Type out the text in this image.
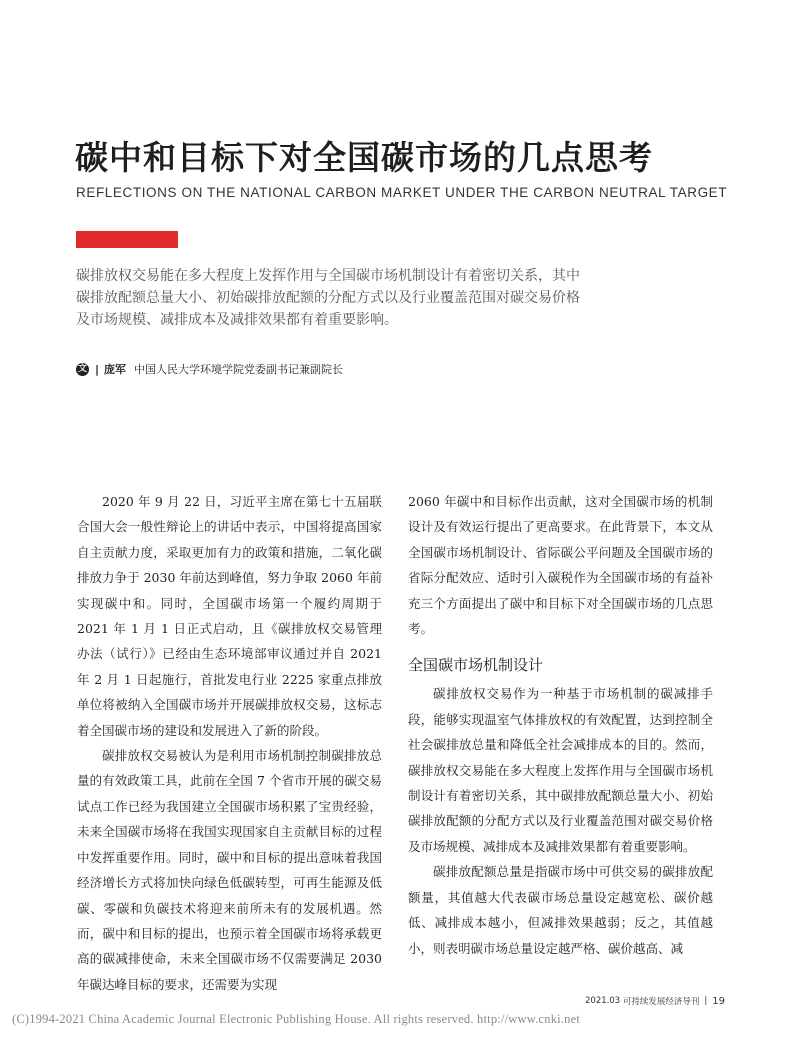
碳中和目标下对全国碳市场的几点思考
REFLECTIONS ON THE NATIONAL CARBON MARKET UNDER THE CARBON NEUTRAL TARGET

碳排放权交易能在多大程度上发挥作用与全国碳市场机制设计有着密切关系，其中

碳排放配额总量大小、初始碳排放配额的分配方式以及行业覆盖范围对碳交易价格

及市场规模、减排成本及减排效果都有着重要影响。

文 | 庞军 中国人民大学环境学院党委副书记兼副院长

2020 年 9 月 22 日，习近平主席在第七十五届联合国大会一般性辩论上的讲话中表示，中国将提高国家自主贡献力度，采取更加有力的政策和措施，二氧化碳排放力争于 2030 年前达到峰值，努力争取 2060 年前实现碳中和。同时，全国碳市场第一个履约周期于 2021 年 1 月 1 日正式启动，且《碳排放权交易管理办法（试行）》已经由生态环境部审议通过并自 2021 年 2 月 1 日起施行，首批发电行业 2225 家重点排放单位将被纳入全国碳市场并开展碳排放权交易，这标志着全国碳市场的建设和发展进入了新的阶段。

碳排放权交易被认为是利用市场机制控制碳排放总量的有效政策工具，此前在全国 7 个省市开展的碳交易试点工作已经为我国建立全国碳市场积累了宝贵经验，未来全国碳市场将在我国实现国家自主贡献目标的过程中发挥重要作用。同时，碳中和目标的提出意味着我国经济增长方式将加快向绿色低碳转型，可再生能源及低碳、零碳和负碳技术将迎来前所未有的发展机遇。然而，碳中和目标的提出，也预示着全国碳市场将承载更高的碳减排使命，未来全国碳市场不仅需要满足 2030 年碳达峰目标的要求，还需要为实现

2060 年碳中和目标作出贡献，这对全国碳市场的机制设计及有效运行提出了更高要求。在此背景下，本文从全国碳市场机制设计、省际碳公平问题及全国碳市场的省际分配效应、适时引入碳税作为全国碳市场的有益补充三个方面提出了碳中和目标下对全国碳市场的几点思考。

全国碳市场机制设计

碳排放权交易作为一种基于市场机制的碳减排手段，能够实现温室气体排放权的有效配置，达到控制全社会碳排放总量和降低全社会减排成本的目的。然而，碳排放权交易能在多大程度上发挥作用与全国碳市场机制设计有着密切关系，其中碳排放配额总量大小、初始碳排放配额的分配方式以及行业覆盖范围对碳交易价格及市场规模、减排成本及减排效果都有着重要影响。

碳排放配额总量是指碳市场中可供交易的碳排放配额量，其值越大代表碳市场总量设定越宽松、碳价越低、减排成本越小，但减排效果越弱；反之，其值越小，则表明碳市场总量设定越严格、碳价越高、减

2021.03
可持续发展经济导刊 | 19
(C)1994-2021 China Academic Journal Electronic Publishing House. All rights reserved. http://www.cnki.net
